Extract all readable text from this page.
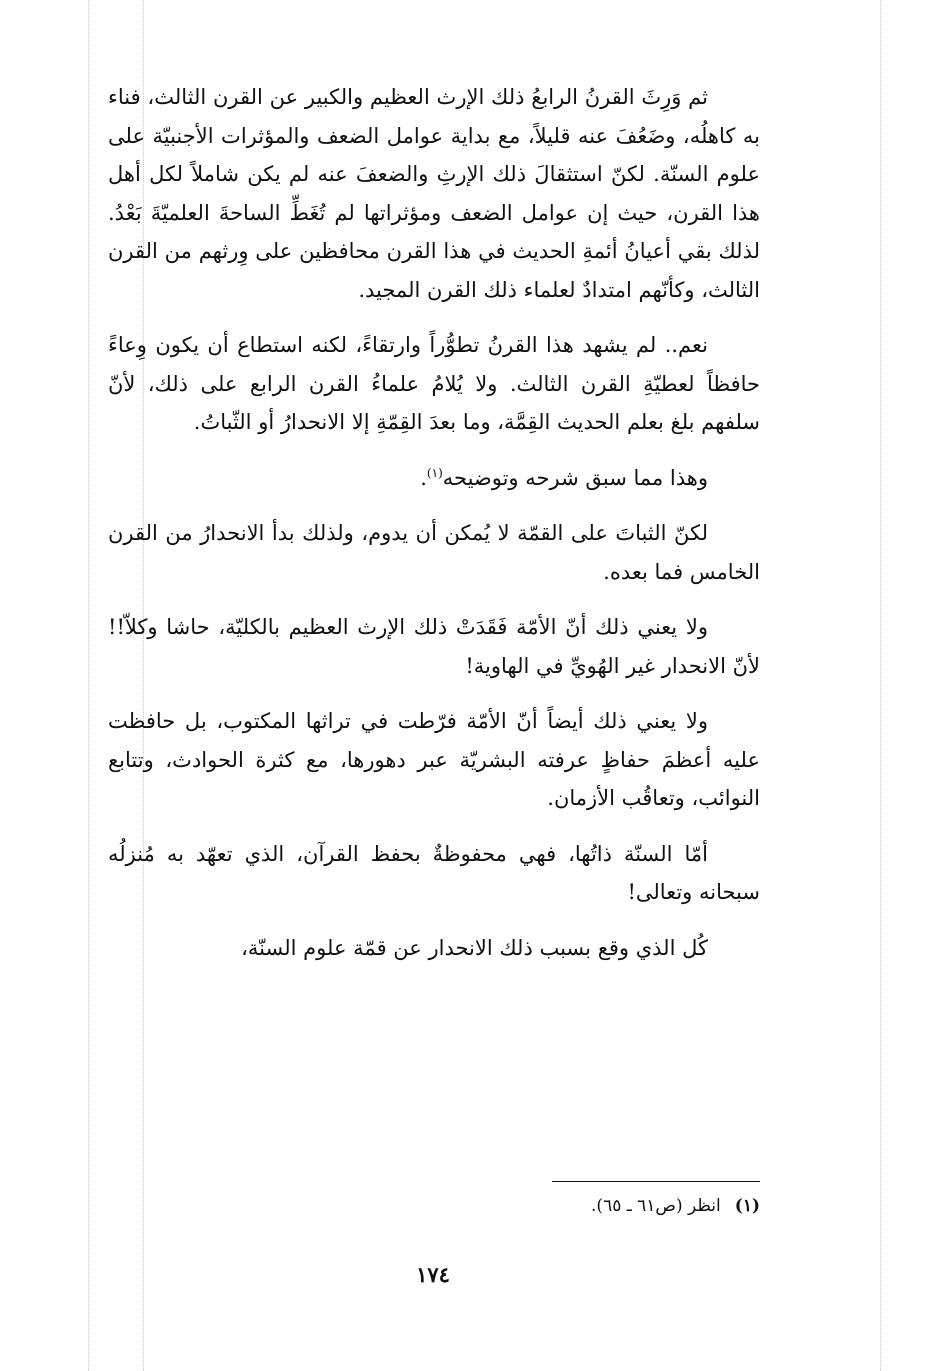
ثم وَرِثَ القرنُ الرابعُ ذلك الإرث العظيم والكبير عن القرن الثالث، فناء به كاهلُه، وضَعُفَ عنه قليلاً، مع بداية عوامل الضعف والمؤثرات الأجنبيّة على علوم السنّة. لكنّ استثقالَ ذلك الإرثِ والضعفَ عنه لم يكن شاملاً لكل أهل هذا القرن، حيث إن عوامل الضعف ومؤثراتها لم تُغَطِّ الساحةَ العلميّةَ بَعْدُ. لذلك بقي أعيانُ أئمةِ الحديث في هذا القرن محافظين على وِرثهم من القرن الثالث، وكأنّهم امتدادٌ لعلماء ذلك القرن المجيد.

نعم.. لم يشهد هذا القرنُ تطوُّراً وارتقاءً، لكنه استطاع أن يكون وِعاءً حافظاً لعطيّةِ القرن الثالث. ولا يُلامُ علماءُ القرن الرابع على ذلك، لأنّ سلفهم بلغ بعلم الحديث القِمَّة، وما بعدَ القِمّةِ إلا الانحدارُ أو الثّباتُ.

وهذا مما سبق شرحه وتوضيحه$^{(١)}$.

لكنّ الثباتَ على القمّة لا يُمكن أن يدوم، ولذلك بدأ الانحدارُ من القرن الخامس فما بعده.

ولا يعني ذلك أنّ الأمّة فَقَدَتْ ذلك الإرث العظيم بالكليّة، حاشا وكلاّ!! لأنّ الانحدار غير الهُويِّ في الهاوية!

ولا يعني ذلك أيضاً أنّ الأمّة فرّطت في تراثها المكتوب، بل حافظت عليه أعظمَ حفاظٍ عرفته البشريّة عبر دهورها، مع كثرة الحوادث، وتتابع النوائب، وتعاقُب الأزمان.

أمّا السنّة ذاتُها، فهي محفوظةٌ بحفظ القرآن، الذي تعهّد به مُنزلُه سبحانه وتعالى!

كُل الذي وقع بسبب ذلك الانحدار عن قمّة علوم السنّة،

(١)انظر (ص٦١ ـ ٦٥).
١٧٤
